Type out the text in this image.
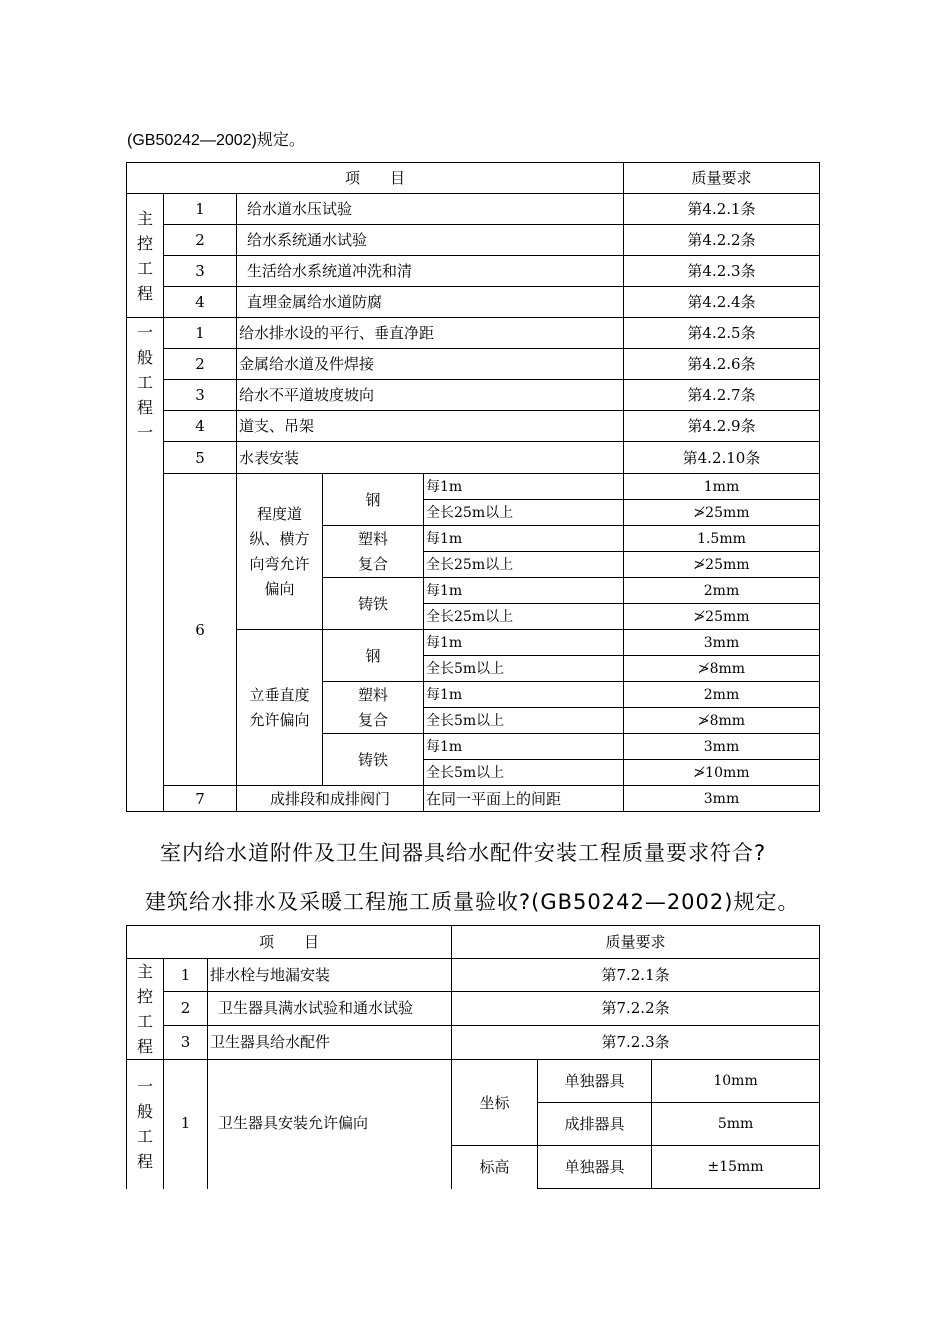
(GB50242—2002)规定。
项　　目					质量要求

主控工程	1	给水道水压试验			第4.2.1条
	2	给水系统通水试验			第4.2.2条
	3	生活给水系统道冲洗和清			第4.2.3条
	4	直埋金属给水道防腐			第4.2.4条

一般工程一	1	给水排水设的平行、垂直净距			第4.2.5条
	2	金属给水道及件焊接			第4.2.6条
	3	给水不平道坡度坡向			第4.2.7条
	4	道支、吊架			第4.2.9条
	5	水表安装			第4.2.10条
	6	程度道纵、横方向弯允许偏向	钢	每1m	1mm
				全长25m以上	≯25mm
			塑料复合	每1m	1.5mm
				全长25m以上	≯25mm
			铸铁	每1m	2mm
				全长25m以上	≯25mm
		立垂直度允许偏向	钢	每1m	3mm
				全长5m以上	≯8mm
			塑料复合	每1m	2mm
				全长5m以上	≯8mm
			铸铁	每1m	3mm
				全长5m以上	≯10mm
	7	成排段和成排阀门		在同一平面上的间距	3mm
室内给水道附件及卫生间器具给水配件安装工程质量要求符合?
建筑给水排水及采暖工程施工质量验收?(GB50242—2002)规定。
项　　目			质量要求		

主控工程	1	排水栓与地漏安装	第7.2.1条		
	2	卫生器具满水试验和通水试验	第7.2.2条		
	3	卫生器具给水配件	第7.2.3条		

一般工程	1	卫生器具安装允许偏向	坐标	单独器具	10mm
				成排器具	5mm
			标高	单独器具	±15mm
